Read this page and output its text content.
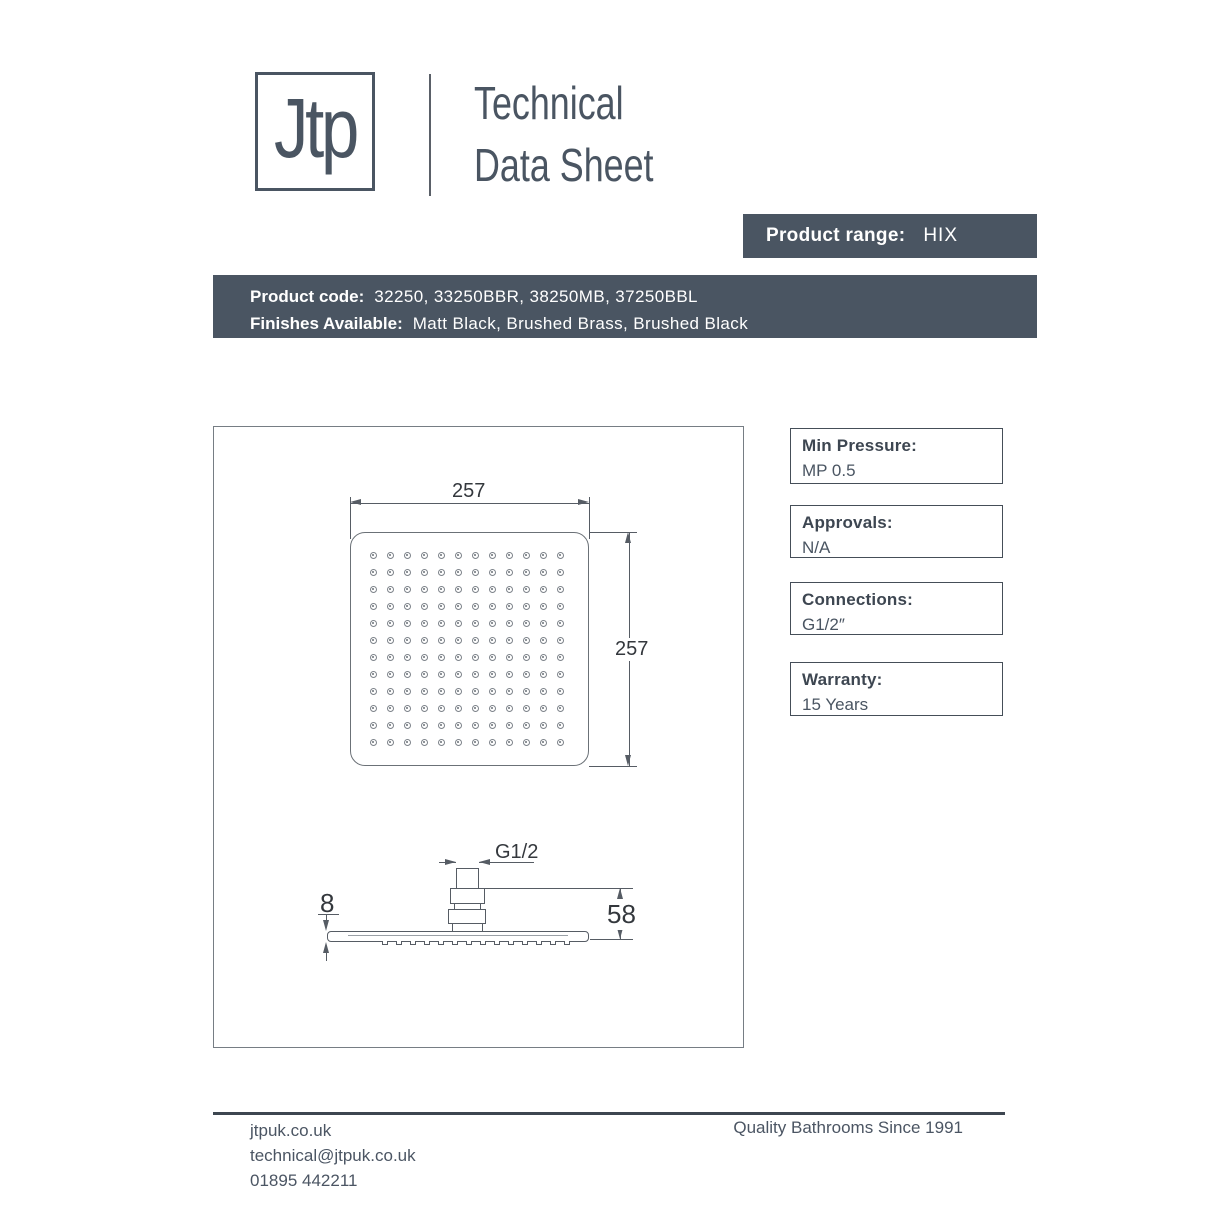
Jtp	Technical
Data Sheet
Product range: HIX
Product code: 32250, 33250BBR, 38250MB, 37250BBL
Finishes Available: Matt Black, Brushed Brass, Brushed Black
257
257
G1/2
8	58
Min Pressure:
MP 0.5
Approvals:
N/A
Connections:
G1/2″
Warranty:
15 Years
jtpuk.co.uk
technical@jtpuk.co.uk
01895 442211
Quality Bathrooms Since 1991
